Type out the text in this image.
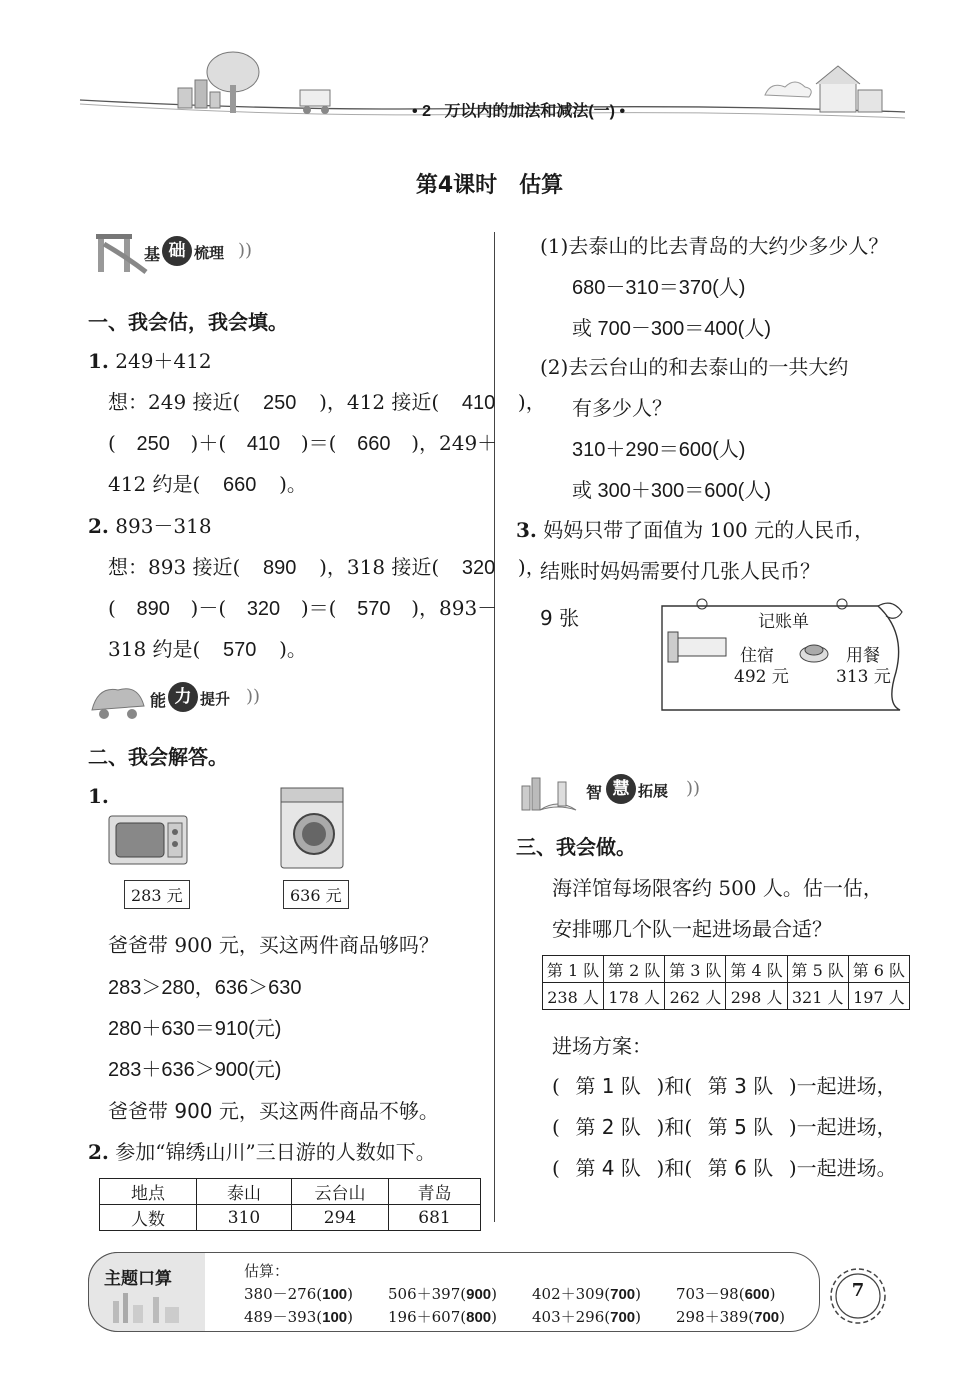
• 2 万以内的加法和减法(一) •
第4课时　估算
基 础 梳理 ))
一、我会估，我会填。
1. 249＋412
想：249 接近( 250 )，412 接近( 410 )，
( 250 )＋( 410 )＝( 660 )，249＋
412 约是( 660 )。
2. 893－318
想：893 接近( 890 )，318 接近( 320 )，
( 890 )－( 320 )＝( 570 )，893－
318 约是( 570 )。
能 力 提升 ))
二、我会解答。
1.
283 元	636 元
爸爸带 900 元，买这两件商品够吗？
283＞280，636＞630
280＋630＝910(元)
283＋636＞900(元)
爸爸带 900 元，买这两件商品不够。
2. 参加“锦绣山川”三日游的人数如下。
地点	泰山	云台山	青岛
人数	310	294	681
(1)去泰山的比去青岛的大约少多少人？
680－310＝370(人)
或 700－300＝400(人)
(2)去云台山的和去泰山的一共大约
有多少人？
310＋290＝600(人)
或 300＋300＝600(人)
3. 妈妈只带了面值为 100 元的人民币，
结账时妈妈需要付几张人民币？
9 张	记账单
住宿
492 元
用餐
313 元
智 慧 拓展 ))
三、我会做。
海洋馆每场限客约 500 人。估一估，
安排哪几个队一起进场最合适？
第 1 队	第 2 队	第 3 队	第 4 队	第 5 队	第 6 队
238 人	178 人	262 人	298 人	321 人	197 人
进场方案：
( 第 1 队 )和( 第 3 队 )一起进场，
( 第 2 队 )和( 第 5 队 )一起进场，
( 第 4 队 )和( 第 6 队 )一起进场。
主题口算	估算：
380－276(100) 506＋397(900) 402＋309(700) 703－98(600)
489－393(100) 196＋607(800) 403＋296(700) 298＋389(700)
7
